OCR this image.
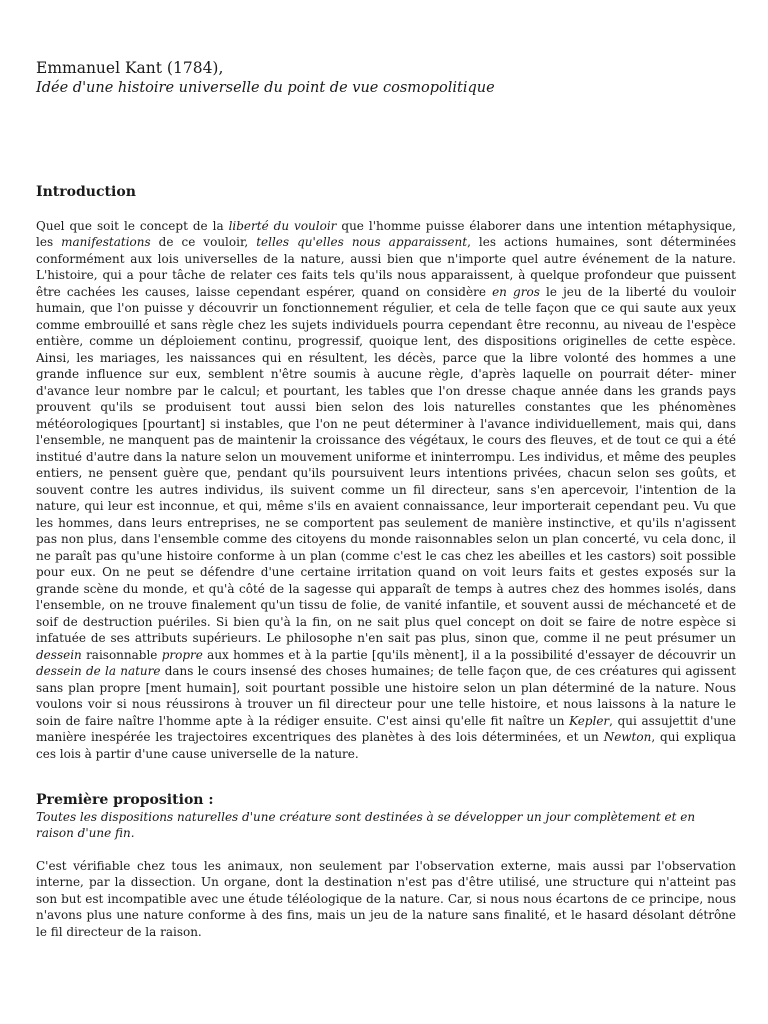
Emmanuel Kant (1784),
Idée d'une histoire universelle du point de vue cosmopolitique
Introduction

Quel que soit le concept de la liberté du vouloir que l'homme puisse élaborer dans une intention métaphysique, les manifestations de ce vouloir, telles qu'elles nous apparaissent, les actions humaines, sont déterminées conformément aux lois universelles de la nature, aussi bien que n'importe quel autre événement de la nature. L'histoire, qui a pour tâche de relater ces faits tels qu'ils nous apparaissent, à quelque profondeur que puissent être cachées les causes, laisse cependant espérer, quand on considère en gros le jeu de la liberté du vouloir humain, que l'on puisse y découvrir un fonctionnement régulier, et cela de telle façon que ce qui saute aux yeux comme embrouillé et sans règle chez les sujets individuels pourra cependant être reconnu, au niveau de l'espèce entière, comme un déploiement continu, progressif, quoique lent, des dispositions originelles de cette espèce. Ainsi, les mariages, les naissances qui en résultent, les décès, parce que la libre volonté des hommes a une grande influence sur eux, semblent n'être soumis à aucune règle, d'après laquelle on pourrait déter- miner d'avance leur nombre par le calcul; et pourtant, les tables que l'on dresse chaque année dans les grands pays prouvent qu'ils se produisent tout aussi bien selon des lois naturelles constantes que les phénomènes météorologiques [pourtant] si instables, que l'on ne peut déterminer à l'avance individuellement, mais qui, dans l'ensemble, ne manquent pas de maintenir la croissance des végétaux, le cours des fleuves, et de tout ce qui a été institué d'autre dans la nature selon un mouvement uniforme et ininterrompu. Les individus, et même des peuples entiers, ne pensent guère que, pendant qu'ils poursuivent leurs intentions privées, chacun selon ses goûts, et souvent contre les autres individus, ils suivent comme un fil directeur, sans s'en apercevoir, l'intention de la nature, qui leur est inconnue, et qui, même s'ils en avaient connaissance, leur importerait cependant peu. Vu que les hommes, dans leurs entreprises, ne se comportent pas seulement de manière instinctive, et qu'ils n'agissent pas non plus, dans l'ensemble comme des citoyens du monde raisonnables selon un plan concerté, vu cela donc, il ne paraît pas qu'une histoire conforme à un plan (comme c'est le cas chez les abeilles et les castors) soit possible pour eux. On ne peut se défendre d'une certaine irritation quand on voit leurs faits et gestes exposés sur la grande scène du monde, et qu'à côté de la sagesse qui apparaît de temps à autres chez des hommes isolés, dans l'ensemble, on ne trouve finalement qu'un tissu de folie, de vanité infantile, et souvent aussi de méchanceté et de soif de destruction puériles. Si bien qu'à la fin, on ne sait plus quel concept on doit se faire de notre espèce si infatuée de ses attributs supérieurs. Le philosophe n'en sait pas plus, sinon que, comme il ne peut présumer un dessein raisonnable propre aux hommes et à la partie [qu'ils mènent], il a la possibilité d'essayer de découvrir un dessein de la nature dans le cours insensé des choses humaines; de telle façon que, de ces créatures qui agissent sans plan propre [ment humain], soit pourtant possible une histoire selon un plan déterminé de la nature. Nous voulons voir si nous réussirons à trouver un fil directeur pour une telle histoire, et nous laissons à la nature le soin de faire naître l'homme apte à la rédiger ensuite. C'est ainsi qu'elle fit naître un Kepler, qui assujettit d'une manière inespérée les trajectoires excentriques des planètes à des lois déterminées, et un Newton, qui expliqua ces lois à partir d'une cause universelle de la nature.

Première proposition :

Toutes les dispositions naturelles d'une créature sont destinées à se développer un jour complètement et en raison d'une fin.

C'est vérifiable chez tous les animaux, non seulement par l'observation externe, mais aussi par l'observation interne, par la dissection. Un organe, dont la destination n'est pas d'être utilisé, une structure qui n'atteint pas son but est incompatible avec une étude téléologique de la nature. Car, si nous nous écartons de ce principe, nous n'avons plus une nature conforme à des fins, mais un jeu de la nature sans finalité, et le hasard désolant détrône le fil directeur de la raison.
